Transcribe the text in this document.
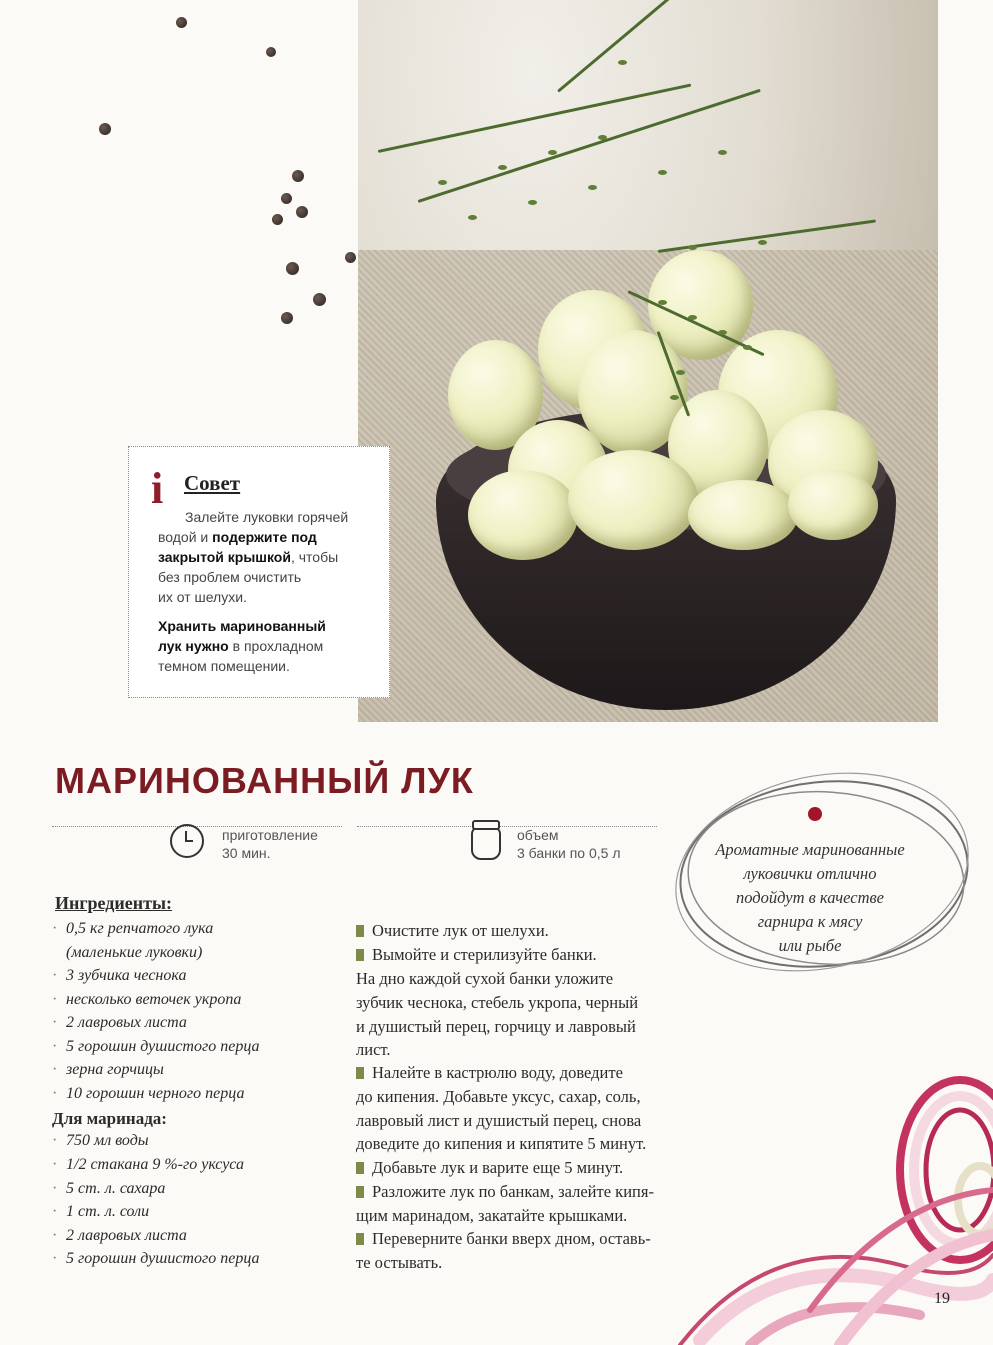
i Совет
Залейте луковки горячей
водой и подержите под
закрытой крышкой, чтобы
без проблем очистить
их от шелухи.
Хранить маринованный
лук нужно в прохладном
темном помещении.
МАРИНОВАННЫЙ ЛУК
приготовление
30 мин.
объем
3 банки по 0,5 л	Ароматные маринованные
луковички отлично
подойдут в качестве
гарнира к мясу
или рыбе
Ингредиенты:
· 0,5 кг репчатого лука
(маленькие луковки)
· 3 зубчика чеснока
· несколько веточек укропа
· 2 лавровых листа
· 5 горошин душистого перца
· зерна горчицы
· 10 горошин черного перца
Для маринада:
· 750 мл воды
· 1/2 стакана 9 %-го уксуса
· 5 ст. л. сахара
· 1 ст. л. соли
· 2 лавровых листа
· 5 горошин душистого перца
Очистите лук от шелухи.
Вымойте и стерилизуйте банки.
На дно каждой сухой банки уложите
зубчик чеснока, стебель укропа, черный
и душистый перец, горчицу и лавровый
лист.
Налейте в кастрюлю воду, доведите
до кипения. Добавьте уксус, сахар, соль,
лавровый лист и душистый перец, снова
доведите до кипения и кипятите 5 минут.
Добавьте лук и варите еще 5 минут.
Разложите лук по банкам, залейте кипя-
щим маринадом, закатайте крышками.
Переверните банки вверх дном, оставь-
те остывать.
19
